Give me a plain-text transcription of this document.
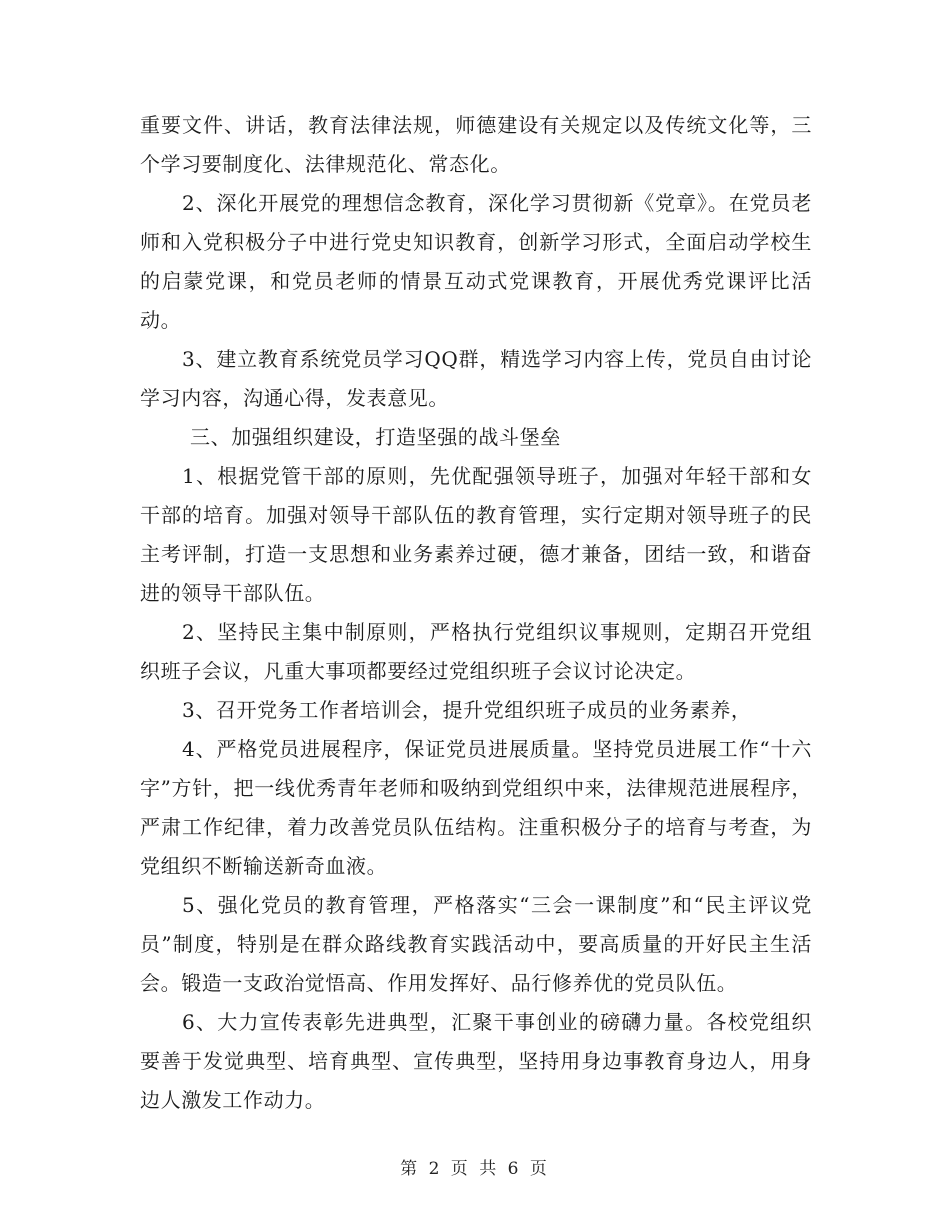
重要文件、讲话，教育法律法规，师德建设有关规定以及传统文化等，三个学习要制度化、法律规范化、常态化。

2、深化开展党的理想信念教育，深化学习贯彻新《党章》。在党员老师和入党积极分子中进行党史知识教育，创新学习形式，全面启动学校生的启蒙党课，和党员老师的情景互动式党课教育，开展优秀党课评比活动。

3、建立教育系统党员学习QQ群，精选学习内容上传，党员自由讨论学习内容，沟通心得，发表意见。

三、加强组织建设，打造坚强的战斗堡垒

1、根据党管干部的原则，先优配强领导班子，加强对年轻干部和女干部的培育。加强对领导干部队伍的教育管理，实行定期对领导班子的民主考评制，打造一支思想和业务素养过硬，德才兼备，团结一致，和谐奋进的领导干部队伍。

2、坚持民主集中制原则，严格执行党组织议事规则，定期召开党组织班子会议，凡重大事项都要经过党组织班子会议讨论决定。

3、召开党务工作者培训会，提升党组织班子成员的业务素养，

4、严格党员进展程序，保证党员进展质量。坚持党员进展工作“十六字”方针，把一线优秀青年老师和吸纳到党组织中来，法律规范进展程序，严肃工作纪律，着力改善党员队伍结构。注重积极分子的培育与考查，为党组织不断输送新奇血液。

5、强化党员的教育管理，严格落实“三会一课制度”和“民主评议党员”制度，特别是在群众路线教育实践活动中，要高质量的开好民主生活会。锻造一支政治觉悟高、作用发挥好、品行修养优的党员队伍。

6、大力宣传表彰先进典型，汇聚干事创业的磅礴力量。各校党组织要善于发觉典型、培育典型、宣传典型，坚持用身边事教育身边人，用身边人激发工作动力。

第 2 页 共 6 页
